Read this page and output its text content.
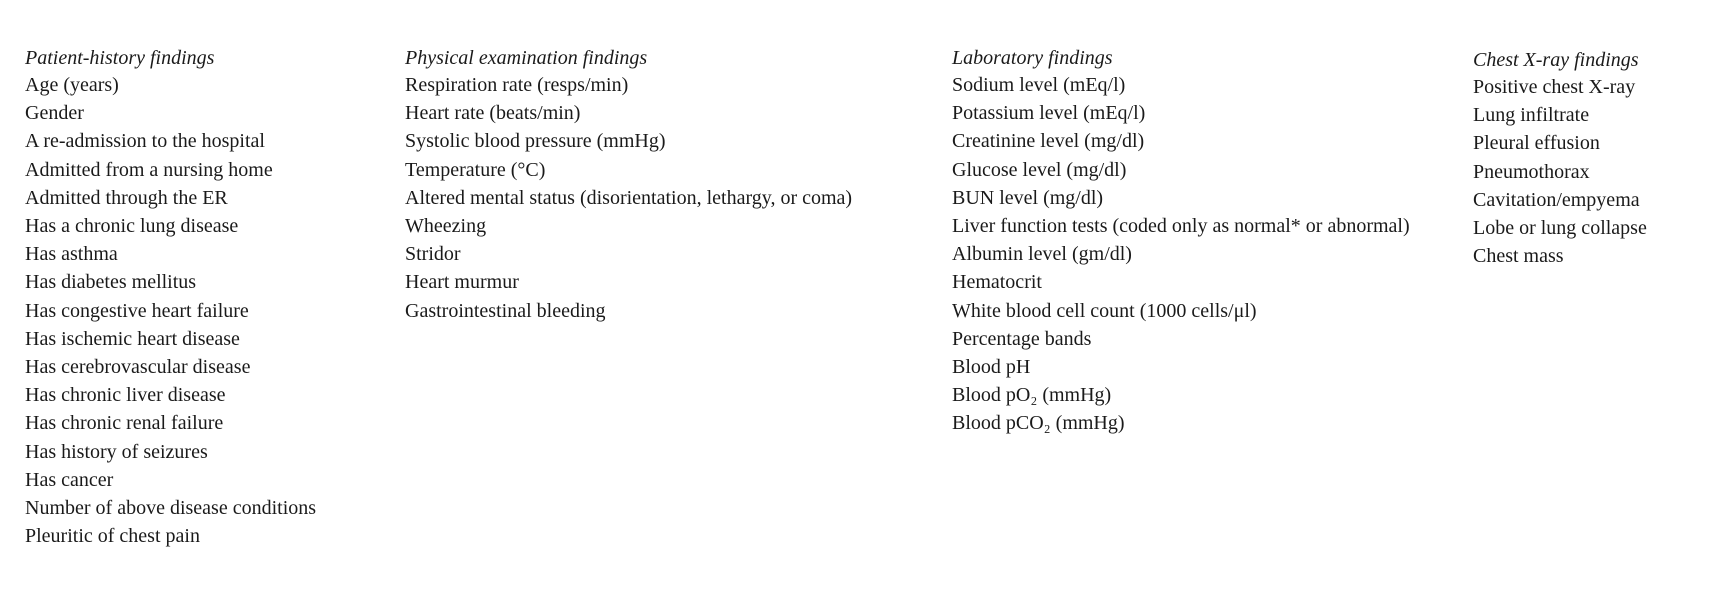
Patient-history findings
Age (years)
Gender
A re-admission to the hospital
Admitted from a nursing home
Admitted through the ER
Has a chronic lung disease
Has asthma
Has diabetes mellitus
Has congestive heart failure
Has ischemic heart disease
Has cerebrovascular disease
Has chronic liver disease
Has chronic renal failure
Has history of seizures
Has cancer
Number of above disease conditions
Pleuritic of chest pain
Physical examination findings
Respiration rate (resps/min)
Heart rate (beats/min)
Systolic blood pressure (mmHg)
Temperature (°C)
Altered mental status (disorientation, lethargy, or coma)
Wheezing
Stridor
Heart murmur
Gastrointestinal bleeding
Laboratory findings
Sodium level (mEq/l)
Potassium level (mEq/l)
Creatinine level (mg/dl)
Glucose level (mg/dl)
BUN level (mg/dl)
Liver function tests (coded only as normal* or abnormal)
Albumin level (gm/dl)
Hematocrit
White blood cell count (1000 cells/μl)
Percentage bands
Blood pH
Blood pO₂ (mmHg)
Blood pCO₂ (mmHg)
Chest X-ray findings
Positive chest X-ray
Lung infiltrate
Pleural effusion
Pneumothorax
Cavitation/empyema
Lobe or lung collapse
Chest mass
